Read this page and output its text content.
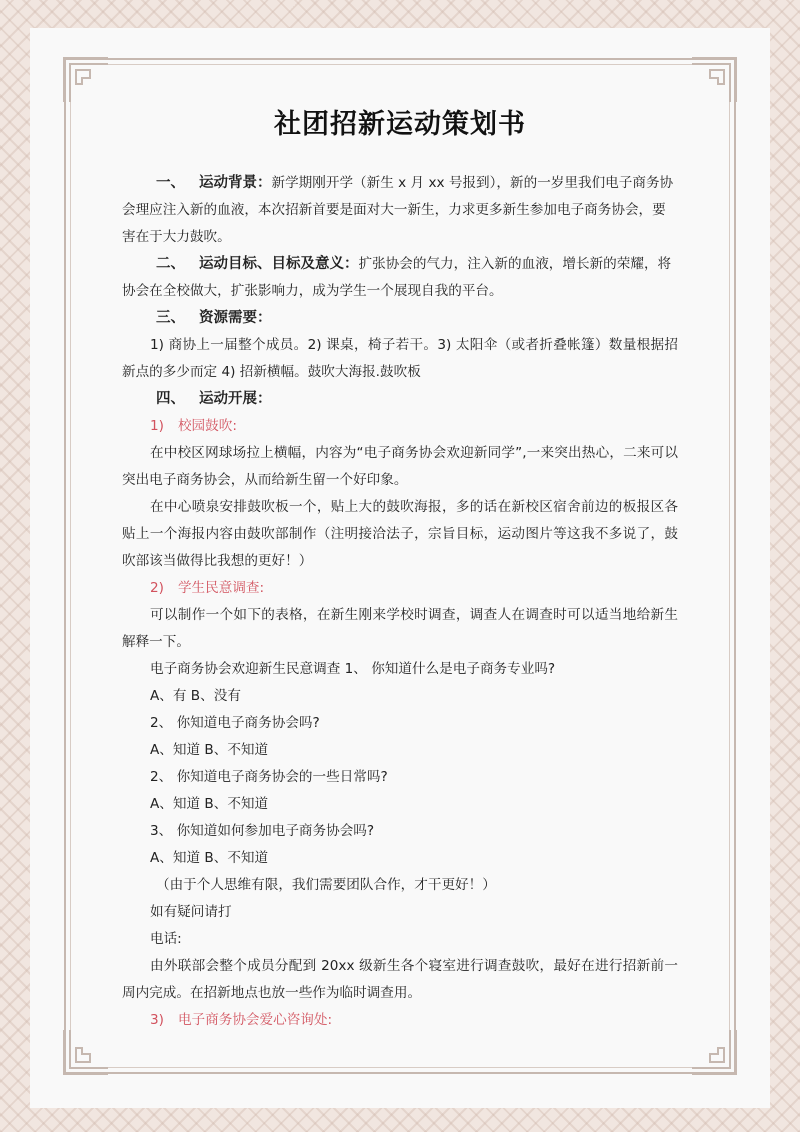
社团招新运动策划书

一、 运动背景：新学期刚开学（新生 x 月 xx 号报到），新的一岁里我们电子商务协会理应注入新的血液，本次招新首要是面对大一新生，力求更多新生参加电子商务协会，要害在于大力鼓吹。

二、 运动目标、目标及意义：扩张协会的气力，注入新的血液，增长新的荣耀，将协会在全校做大，扩张影响力，成为学生一个展现自我的平台。

三、 资源需要：

1) 商协上一届整个成员。2) 课桌，椅子若干。3) 太阳伞（或者折叠帐篷）数量根据招新点的多少而定 4) 招新横幅。鼓吹大海报.鼓吹板

四、 运动开展：

1) 校园鼓吹:

在中校区网球场拉上横幅，内容为“电子商务协会欢迎新同学”,一来突出热心，二来可以突出电子商务协会，从而给新生留一个好印象。

在中心喷泉安排鼓吹板一个，贴上大的鼓吹海报，多的话在新校区宿舍前边的板报区各贴上一个海报内容由鼓吹部制作（注明接洽法子，宗旨目标，运动图片等这我不多说了，鼓吹部该当做得比我想的更好！）

2) 学生民意调查:

可以制作一个如下的表格，在新生刚来学校时调查，调查人在调查时可以适当地给新生解释一下。

电子商务协会欢迎新生民意调查 1、 你知道什么是电子商务专业吗?

A、有 B、没有

2、 你知道电子商务协会吗?

A、知道 B、不知道

2、 你知道电子商务协会的一些日常吗?

A、知道 B、不知道

3、 你知道如何参加电子商务协会吗?

A、知道 B、不知道

（由于个人思维有限，我们需要团队合作，才干更好！）

如有疑问请打

电话:

由外联部会整个成员分配到 20xx 级新生各个寝室进行调查鼓吹，最好在进行招新前一周内完成。在招新地点也放一些作为临时调查用。

3) 电子商务协会爱心咨询处:
